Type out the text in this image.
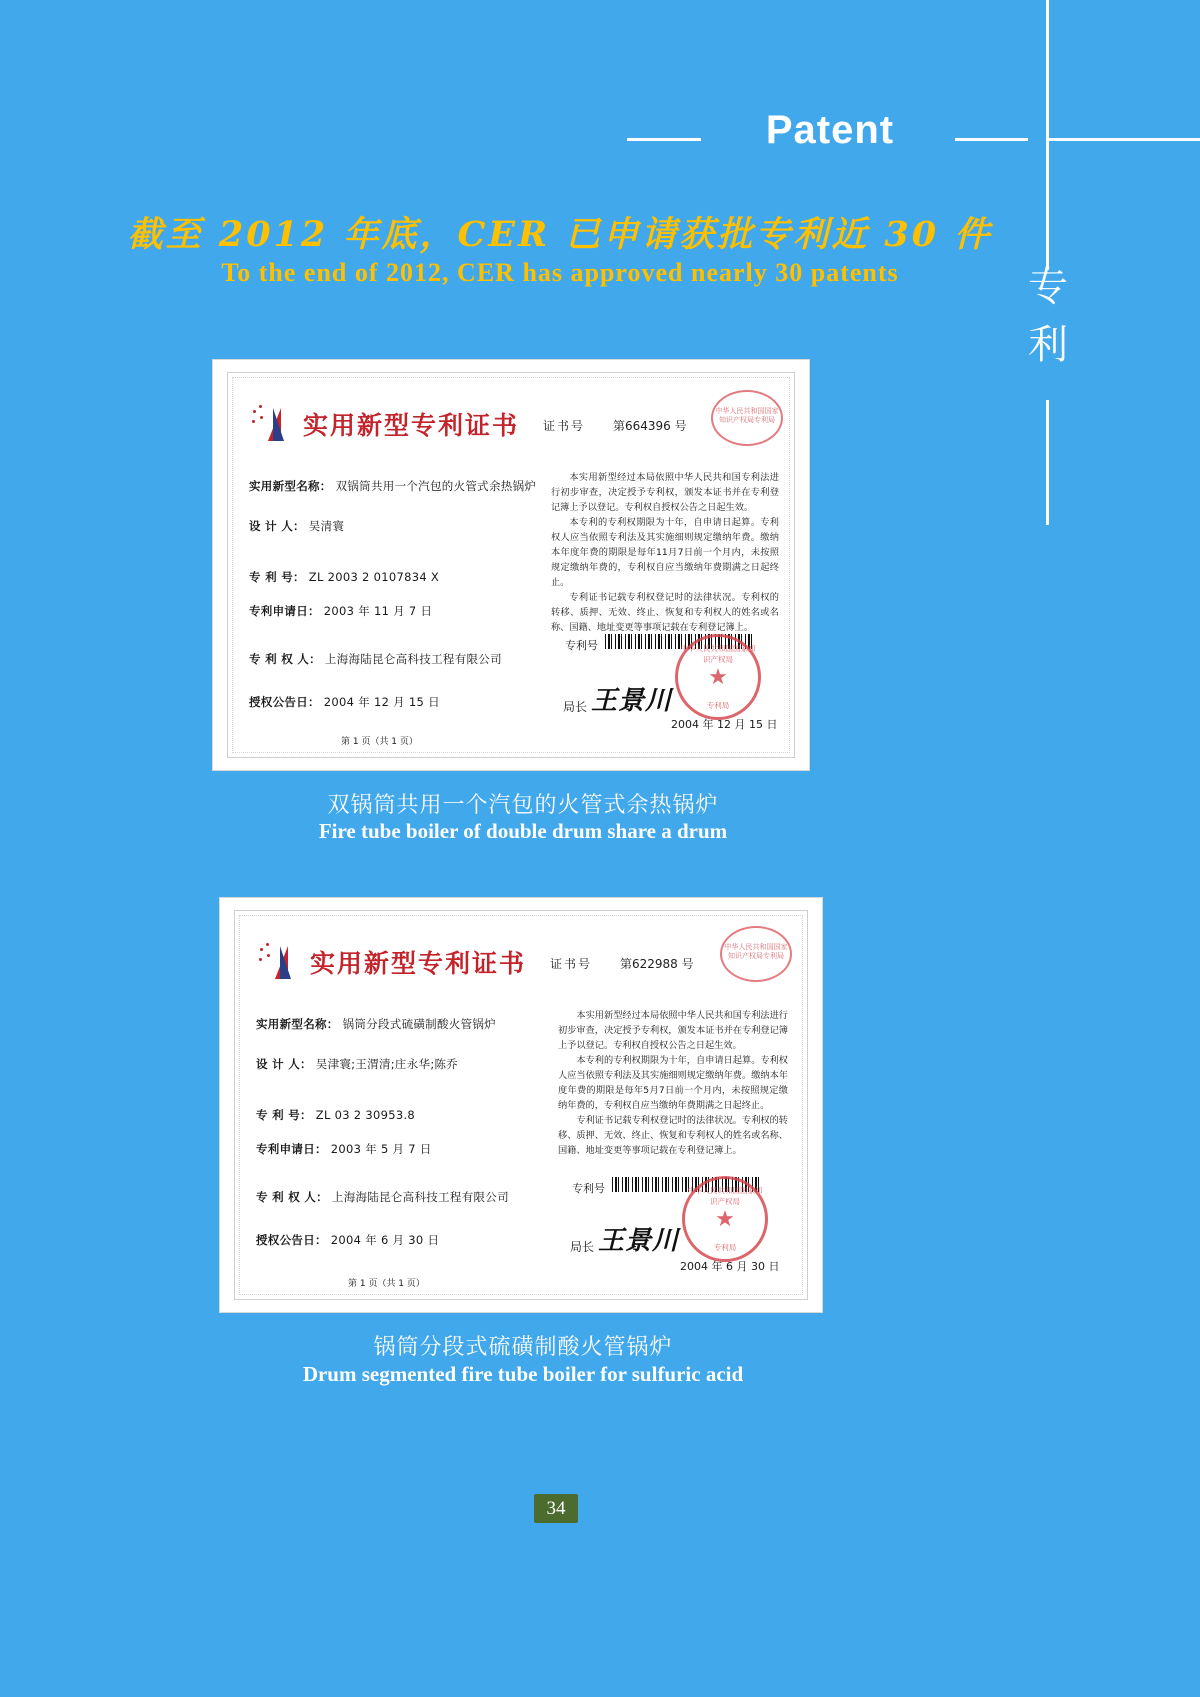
Patent
专利
截至 2012 年底，CER 已申请获批专利近 30 件
To the end of 2012, CER has approved nearly 30 patents
实用新型专利证书 证书号 第664396 号
中华人民共和国国家知识产权局专利局
实用新型名称： 双锅筒共用一个汽包的火管式余热锅炉
设 计 人： 吴清寰
专 利 号： ZL 2003 2 0107834 X
专利申请日： 2003 年 11 月 7 日
专 利 权 人： 上海海陆昆仑高科技工程有限公司
授权公告日： 2004 年 12 月 15 日

本实用新型经过本局依照中华人民共和国专利法进行初步审查，决定授予专利权，颁发本证书并在专利登记簿上予以登记。专利权自授权公告之日起生效。

本专利的专利权期限为十年，自申请日起算。专利权人应当依照专利法及其实施细则规定缴纳年费。缴纳本年度年费的期限是每年11月7日前一个月内，未按照规定缴纳年费的，专利权自应当缴纳年费期满之日起终止。

专利证书记载专利权登记时的法律状况。专利权的转移、质押、无效、终止、恢复和专利权人的姓名或名称、国籍、地址变更等事项记载在专利登记簿上。

专利号
局长 王景川
中华人民共和国国家知识产权局
★
专利局
2004 年 12 月 15 日
第 1 页（共 1 页）
双锅筒共用一个汽包的火管式余热锅炉
Fire tube boiler of double drum share a drum
实用新型专利证书 证书号 第622988 号
中华人民共和国国家知识产权局专利局
实用新型名称： 锅筒分段式硫磺制酸火管锅炉
设 计 人： 吴津寰;王渭清;庄永华;陈乔
专 利 号： ZL 03 2 30953.8
专利申请日： 2003 年 5 月 7 日
专 利 权 人： 上海海陆昆仑高科技工程有限公司
授权公告日： 2004 年 6 月 30 日

本实用新型经过本局依照中华人民共和国专利法进行初步审查，决定授予专利权，颁发本证书并在专利登记簿上予以登记。专利权自授权公告之日起生效。

本专利的专利权期限为十年，自申请日起算。专利权人应当依照专利法及其实施细则规定缴纳年费。缴纳本年度年费的期限是每年5月7日前一个月内，未按照规定缴纳年费的，专利权自应当缴纳年费期满之日起终止。

专利证书记载专利权登记时的法律状况。专利权的转移、质押、无效、终止、恢复和专利权人的姓名或名称、国籍、地址变更等事项记载在专利登记簿上。

专利号
局长 王景川
中华人民共和国国家知识产权局
★
专利局
2004 年 6 月 30 日
第 1 页（共 1 页）
锅筒分段式硫磺制酸火管锅炉
Drum segmented fire tube boiler for sulfuric acid
34
